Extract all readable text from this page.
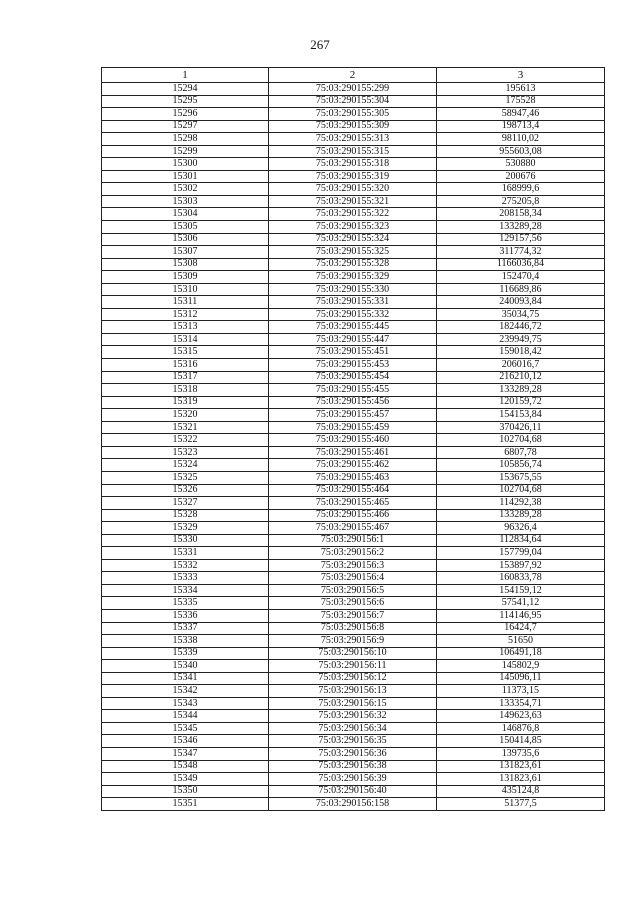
267
1	2	3
15294	75:03:290155:299	195613
15295	75:03:290155:304	175528
15296	75:03:290155:305	58947,46
15297	75:03:290155:309	198713,4
15298	75:03:290155:313	98110,02
15299	75:03:290155:315	955603,08
15300	75:03:290155:318	530880
15301	75:03:290155:319	200676
15302	75:03:290155:320	168999,6
15303	75:03:290155:321	275205,8
15304	75:03:290155:322	208158,34
15305	75:03:290155:323	133289,28
15306	75:03:290155:324	129157,56
15307	75:03:290155:325	311774,32
15308	75:03:290155:328	1166036,84
15309	75:03:290155:329	152470,4
15310	75:03:290155:330	116689,86
15311	75:03:290155:331	240093,84
15312	75:03:290155:332	35034,75
15313	75:03:290155:445	182446,72
15314	75:03:290155:447	239949,75
15315	75:03:290155:451	159018,42
15316	75:03:290155:453	206016,7
15317	75:03:290155:454	216210,12
15318	75:03:290155:455	133289,28
15319	75:03:290155:456	120159,72
15320	75:03:290155:457	154153,84
15321	75:03:290155:459	370426,11
15322	75:03:290155:460	102704,68
15323	75:03:290155:461	6807,78
15324	75:03:290155:462	105856,74
15325	75:03:290155:463	153675,55
15326	75:03:290155:464	102704,68
15327	75:03:290155:465	114292,38
15328	75:03:290155:466	133289,28
15329	75:03:290155:467	96326,4
15330	75:03:290156:1	112834,64
15331	75:03:290156:2	157799,04
15332	75:03:290156:3	153897,92
15333	75:03:290156:4	160833,78
15334	75:03:290156:5	154159,12
15335	75:03:290156:6	57541,12
15336	75:03:290156:7	114146,95
15337	75:03:290156:8	16424,7
15338	75:03:290156:9	51650
15339	75:03:290156:10	106491,18
15340	75:03:290156:11	145802,9
15341	75:03:290156:12	145096,11
15342	75:03:290156:13	11373,15
15343	75:03:290156:15	133354,71
15344	75:03:290156:32	149623,63
15345	75:03:290156:34	146876,8
15346	75:03:290156:35	150414,85
15347	75:03:290156:36	139735,6
15348	75:03:290156:38	131823,61
15349	75:03:290156:39	131823,61
15350	75:03:290156:40	435124,8
15351	75:03:290156:158	51377,5
